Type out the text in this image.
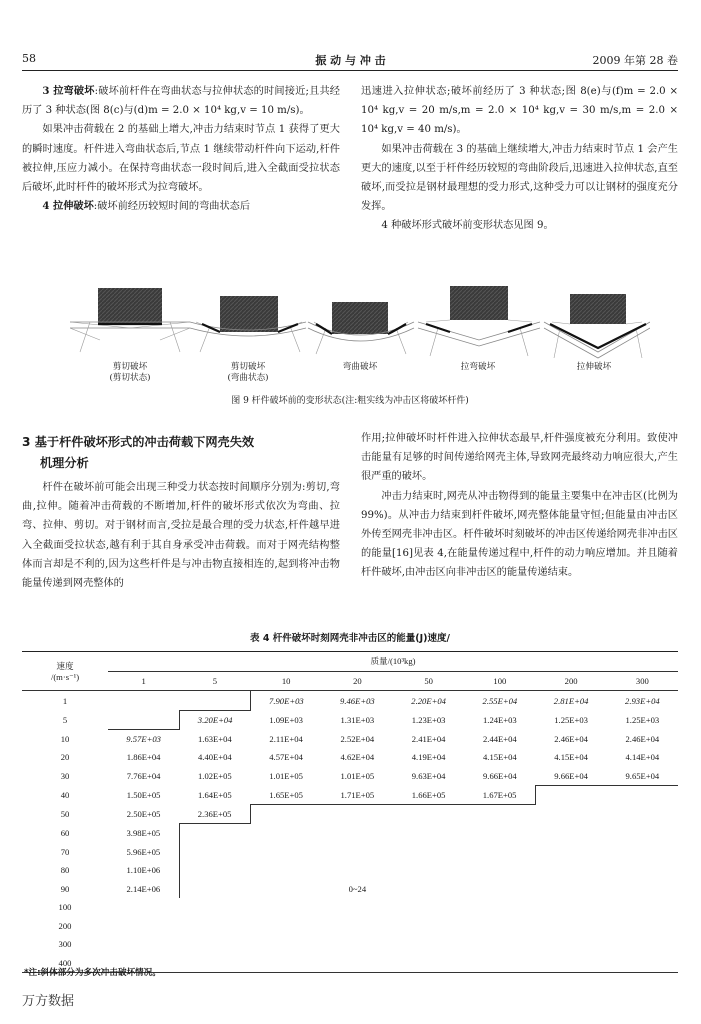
58	振 动 与 冲 击	2009 年第 28 卷

3 拉弯破坏:破坏前杆件在弯曲状态与拉伸状态的时间接近;且共经历了 3 种状态(图 8(c)与(d)m = 2.0 × 10⁴ kg,v = 10 m/s)。

如果冲击荷载在 2 的基础上增大,冲击力结束时节点 1 获得了更大的瞬时速度。杆件进入弯曲状态后,节点 1 继续带动杆件向下运动,杆件被拉伸,压应力减小。在保持弯曲状态一段时间后,进入全截面受拉状态后破坏,此时杆件的破坏形式为拉弯破坏。

4 拉伸破坏:破坏前经历较短时间的弯曲状态后

迅速进入拉伸状态;破坏前经历了 3 种状态;图 8(e)与(f)m = 2.0 × 10⁴ kg,v = 20 m/s,m = 2.0 × 10⁴ kg,v = 30 m/s,m = 2.0 × 10⁴ kg,v = 40 m/s)。

如果冲击荷载在 3 的基础上继续增大,冲击力结束时节点 1 会产生更大的速度,以至于杆件经历较短的弯曲阶段后,迅速进入拉伸状态,直至破坏,而受拉是钢材最理想的受力形式,这种受力可以让钢材的强度充分发挥。

4 种破坏形式破坏前变形状态见图 9。

剪切破坏
(剪切状态)
剪切破坏
(弯曲状态)
弯曲破坏	拉弯破坏	拉伸破坏
图 9 杆件破坏前的变形状态(注:粗实线为冲击区将破坏杆件)
3 基于杆件破坏形式的冲击荷载下网壳失效
机理分析

杆件在破坏前可能会出现三种受力状态按时间顺序分别为:剪切,弯曲,拉伸。随着冲击荷载的不断增加,杆件的破坏形式依次为弯曲、拉弯、拉伸、剪切。对于钢材而言,受拉是最合理的受力状态,杆件越早进入全截面受拉状态,越有利于其自身承受冲击荷载。而对于网壳结构整体而言却是不利的,因为这些杆件是与冲击物直接相连的,起到将冲击物能量传递到网壳整体的

作用;拉伸破坏时杆件进入拉伸状态最早,杆件强度被充分利用。致使冲击能量有足够的时间传递给网壳主体,导致网壳最终动力响应很大,产生很严重的破坏。

冲击力结束时,网壳从冲击物得到的能量主要集中在冲击区(比例为 99%)。从冲击力结束到杆件破坏,网壳整体能量守恒;但能量由冲击区外传至网壳非冲击区。杆件破坏时刻破坏的冲击区传递给网壳非冲击区的能量[16]见表 4,在能量传递过程中,杆件的动力响应增加。并且随着杆件破坏,由冲击区向非冲击区的能量传递结束。

表 4 杆件破坏时刻网壳非冲击区的能量(J)速度/
速度
/(m·s⁻¹)	质量/(10³kg)							
	1	5	10	20	50	100	200	300
1			7.90E+03	9.46E+03	2.20E+04	2.55E+04	2.81E+04	2.93E+04
5		3.20E+04	1.09E+03	1.31E+03	1.23E+03	1.24E+03	1.25E+03	1.25E+03
10	9.57E+03	1.63E+04	2.11E+04	2.52E+04	2.41E+04	2.44E+04	2.46E+04	2.46E+04
20	1.86E+04	4.40E+04	4.57E+04	4.62E+04	4.19E+04	4.15E+04	4.15E+04	4.14E+04
30	7.76E+04	1.02E+05	1.01E+05	1.01E+05	9.63E+04	9.66E+04	9.66E+04	9.65E+04
40	1.50E+05	1.64E+05	1.65E+05	1.71E+05	1.66E+05	1.67E+05		
50	2.50E+05	2.36E+05						
60	3.98E+05							
70	5.96E+05							
80	1.10E+06							
90	2.14E+06			0~24				
100								
200								
300								
400								
*注:斜体部分为多次冲击破坏情况。
万方数据
